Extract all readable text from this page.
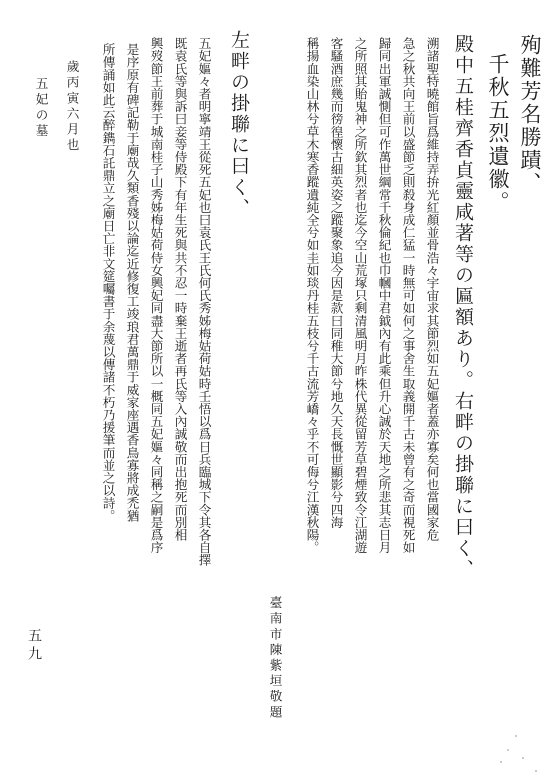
殉難芳名勝蹟、
千秋五烈遺徽。
殿中五桂齊香貞靈咸著等の匾額あり。右畔の掛聯に曰く、
溯諸聖特曉館旨爲維持弄拚光紅顏並骨浩々宇宙求其節烈如五妃嫗者蓋亦寡矣何也當國家危
急之秋共向王前以盛節乏則殺身成仁猛一時無可如何之事舍生取義開千古未曾有之奇而視死如
歸同出軍誠惻但可作萬世綱常千秋倫紀也巾幗中君鉞內有此乘但升心誠於天地之所悲其志日月
之所照其貽鬼神之所欽其烈者也迄今空山荒塚只剩清風明月昨株代異從留芳草碧煙致令江湖遊
客騷酒庶幾而徬徨懷古細英姿之蹤聚象追今因是款曰同稚大節兮地久天長慨世顯影兮四海
稱揚血染山林兮草木寒香蹤遺純全兮如圭如琰丹桂五枝兮千古流芳嶠々乎不可侮兮江漢秋陽。
臺南市陳紫垣敬題
左畔の掛聯に曰く、
五妃嫗々者明寧靖王從死五妃也曰袁氏王氏何氏秀姊梅姑荷姑時壬悟以爲日兵臨城下令其各自擇
既袁氏等與訴曰妾等侍殿下有年生死與共不忍一時棄王逝者再氏等入內誠敬而出抱死而別相
興歿節王前葬于城南桂子山秀姊梅姑荷侍女興妃同盡大節所以一概同五妃嫗々同稱之嗣是爲序
是序原有碑記勒于廟哉久類香殘以論迄近修復工竣琅君萬鼎于威家座遇香鳥寡將成禿猶
所傳誦如此云醉鐫石託鼎立之廟日亡非文筵囑書于余蔑以傳諸不朽乃援筆而並之以詩。
歲丙寅六月也
五妃の墓
五九
